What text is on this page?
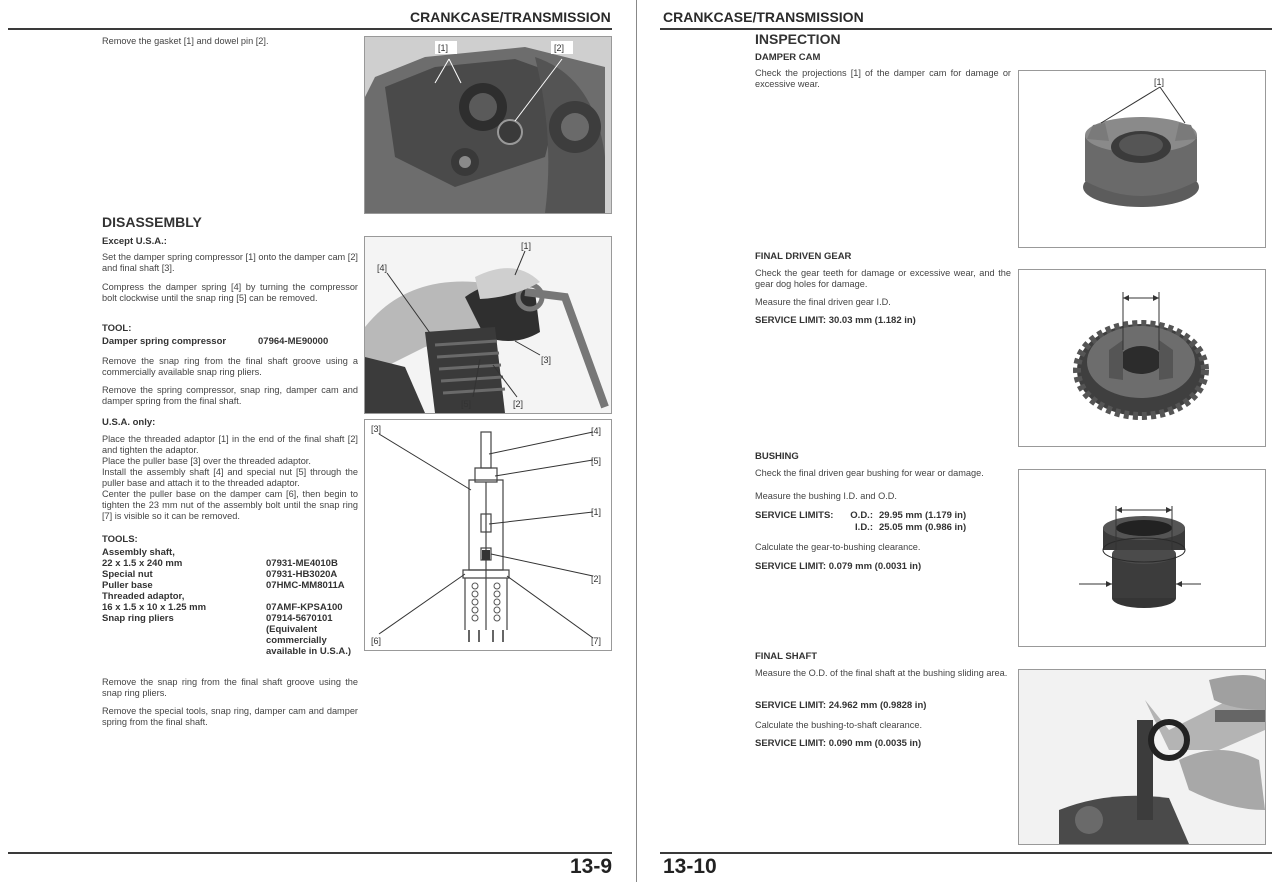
CRANKCASE/TRANSMISSION

Remove the gasket [1] and dowel pin [2].

[1]	[2]
DISASSEMBLY
Except U.S.A.:

Set the damper spring compressor [1] onto the damper cam [2] and final shaft [3].

Compress the damper spring [4] by turning the compressor bolt clockwise until the snap ring [5] can be removed.

TOOL:
Damper spring compressor	07964-ME90000

Remove the snap ring from the final shaft groove using a commercially available snap ring pliers.

Remove the spring compressor, snap ring, damper cam and damper spring from the final shaft.

U.S.A. only:

Place the threaded adaptor [1] in the end of the final shaft [2] and tighten the adaptor.

Place the puller base [3] over the threaded adaptor.

Install the assembly shaft [4] and special nut [5] through the puller base and attach it to the threaded adaptor.

Center the puller base on the damper cam [6], then begin to tighten the 23 mm nut of the assembly bolt until the snap ring [7] is visible so it can be removed.

TOOLS:
Assembly shaft,
22 x 1.5 x 240 mm	07931-ME4010B
Special nut	07931-HB3020A
Puller base	07HMC-MM8011A
Threaded adaptor,
16 x 1.5 x 10 x 1.25 mm	07AMF-KPSA100
Snap ring pliers	07914-5670101
(Equivalent
commercially
available in U.S.A.)

Remove the snap ring from the final shaft groove using the snap ring pliers.

Remove the special tools, snap ring, damper cam and damper spring from the final shaft.

[1]
[4]
[3]
[5]	[2]
[3]	[4]
[5]
[1]
[2]
[6]	[7]
13-9
CRANKCASE/TRANSMISSION
INSPECTION
DAMPER CAM

Check the projections [1] of the damper cam for damage or excessive wear.	[1]
FINAL DRIVEN GEAR

Check the gear teeth for damage or excessive wear, and the gear dog holes for damage.

Measure the final driven gear I.D.

SERVICE LIMIT: 30.03 mm (1.182 in)
BUSHING

Check the final driven gear bushing for wear or damage.

Measure the bushing I.D. and O.D.

SERVICE LIMITS:	O.D.: 29.95 mm (1.179 in)
I.D.: 25.05 mm (0.986 in)

Calculate the gear-to-bushing clearance.

SERVICE LIMIT: 0.079 mm (0.0031 in)
FINAL SHAFT

Measure the O.D. of the final shaft at the bushing sliding area.

SERVICE LIMIT: 24.962 mm (0.9828 in)

Calculate the bushing-to-shaft clearance.

SERVICE LIMIT: 0.090 mm (0.0035 in)
13-10
